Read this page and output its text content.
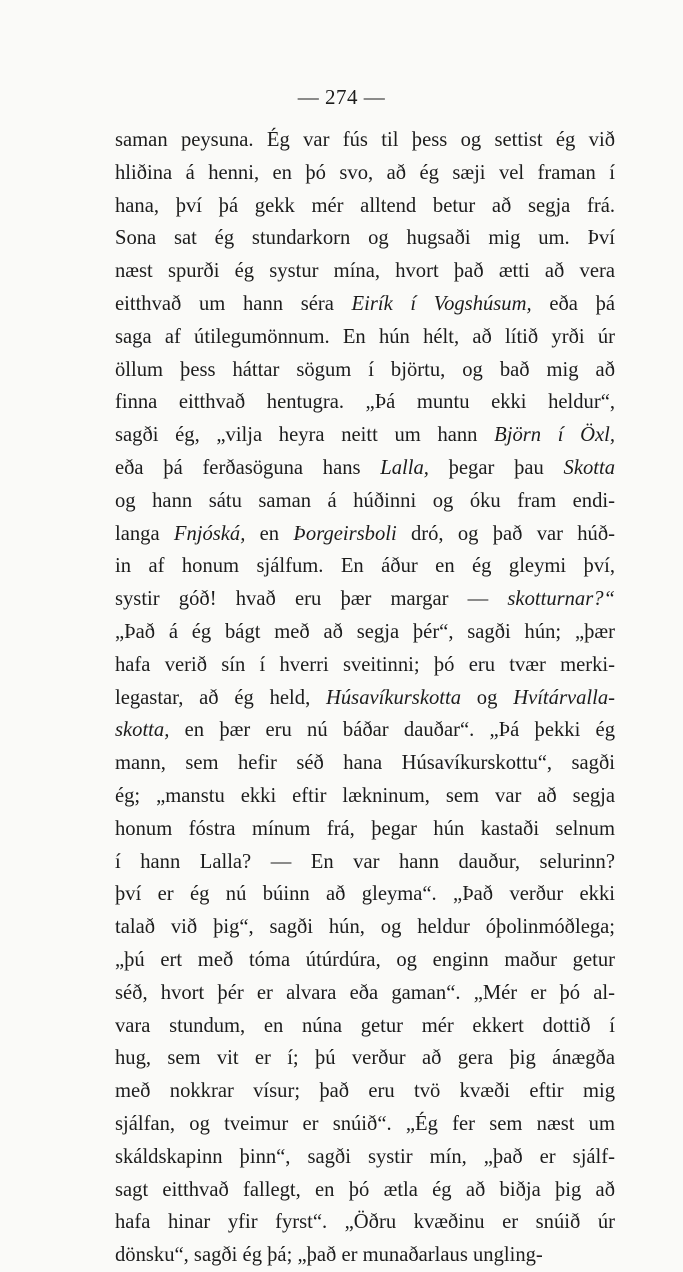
— 274 —
saman peysuna. Ég var fús til þess og settist ég við
hliðina á henni, en þó svo, að ég sæji vel framan í
hana, því þá gekk mér alltend betur að segja frá.
Sona sat ég stundarkorn og hugsaði mig um. Því
næst spurði ég systur mína, hvort það ætti að vera
eitthvað um hann séra Eirík í Vogshúsum, eða þá
saga af útilegumönnum. En hún hélt, að lítið yrði úr
öllum þess háttar sögum í björtu, og bað mig að
finna eitthvað hentugra. „Þá muntu ekki heldur“,
sagði ég, „vilja heyra neitt um hann Björn í Öxl,
eða þá ferðasöguna hans Lalla, þegar þau Skotta
og hann sátu saman á húðinni og óku fram endi-
langa Fnjóská, en Þorgeirsboli dró, og það var húð-
in af honum sjálfum. En áður en ég gleymi því,
systir góð! hvað eru þær margar — skotturnar?“
„Það á ég bágt með að segja þér“, sagði hún; „þær
hafa verið sín í hverri sveitinni; þó eru tvær merki-
legastar, að ég held, Húsavíkurskotta og Hvítárvalla-
skotta, en þær eru nú báðar dauðar“. „Þá þekki ég
mann, sem hefir séð hana Húsavíkurskottu“, sagði
ég; „manstu ekki eftir lækninum, sem var að segja
honum fóstra mínum frá, þegar hún kastaði selnum
í hann Lalla? — En var hann dauður, selurinn?
því er ég nú búinn að gleyma“. „Það verður ekki
talað við þig“, sagði hún, og heldur óþolinmóðlega;
„þú ert með tóma útúrdúra, og enginn maður getur
séð, hvort þér er alvara eða gaman“. „Mér er þó al-
vara stundum, en núna getur mér ekkert dottið í
hug, sem vit er í; þú verður að gera þig ánægða
með nokkrar vísur; það eru tvö kvæði eftir mig
sjálfan, og tveimur er snúið“. „Ég fer sem næst um
skáldskapinn þinn“, sagði systir mín, „það er sjálf-
sagt eitthvað fallegt, en þó ætla ég að biðja þig að
hafa hinar yfir fyrst“. „Öðru kvæðinu er snúið úr
dönsku“, sagði ég þá; „það er munaðarlaus ungling-
